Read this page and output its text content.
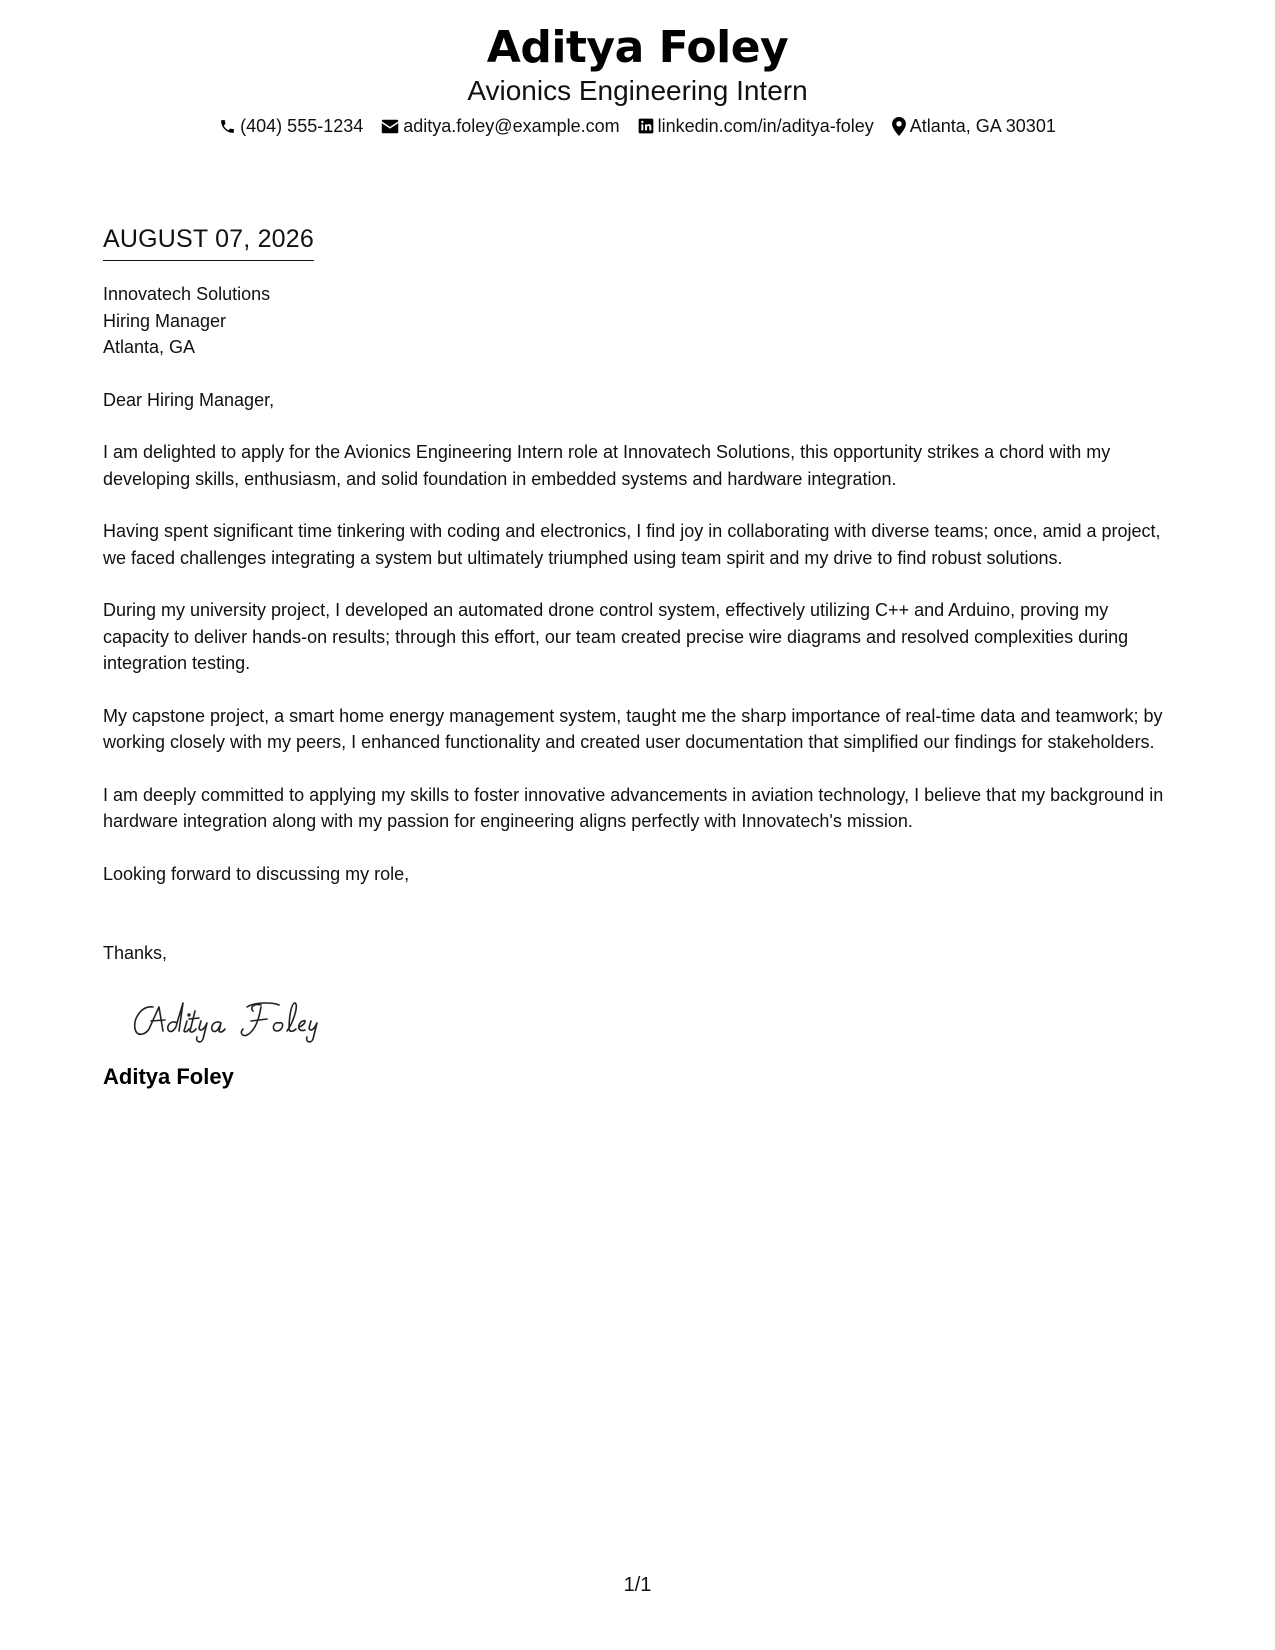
Aditya Foley
Avionics Engineering Intern
(404) 555-1234 aditya.foley@example.com linkedin.com/in/aditya-foley Atlanta, GA 30301
AUGUST 07, 2026
Innovatech Solutions
Hiring Manager
Atlanta, GA
Dear Hiring Manager,

I am delighted to apply for the Avionics Engineering Intern role at Innovatech Solutions, this opportunity strikes a chord with my developing skills, enthusiasm, and solid foundation in embedded systems and hardware integration.

Having spent significant time tinkering with coding and electronics, I find joy in collaborating with diverse teams; once, amid a project, we faced challenges integrating a system but ultimately triumphed using team spirit and my drive to find robust solutions.

During my university project, I developed an automated drone control system, effectively utilizing C++ and Arduino, proving my capacity to deliver hands-on results; through this effort, our team created precise wire diagrams and resolved complexities during integration testing.

My capstone project, a smart home energy management system, taught me the sharp importance of real-time data and teamwork; by working closely with my peers, I enhanced functionality and created user documentation that simplified our findings for stakeholders.

I am deeply committed to applying my skills to foster innovative advancements in aviation technology, I believe that my background in hardware integration along with my passion for engineering aligns perfectly with Innovatech's mission.

Looking forward to discussing my role,
Thanks,
Aditya Foley
1/1
